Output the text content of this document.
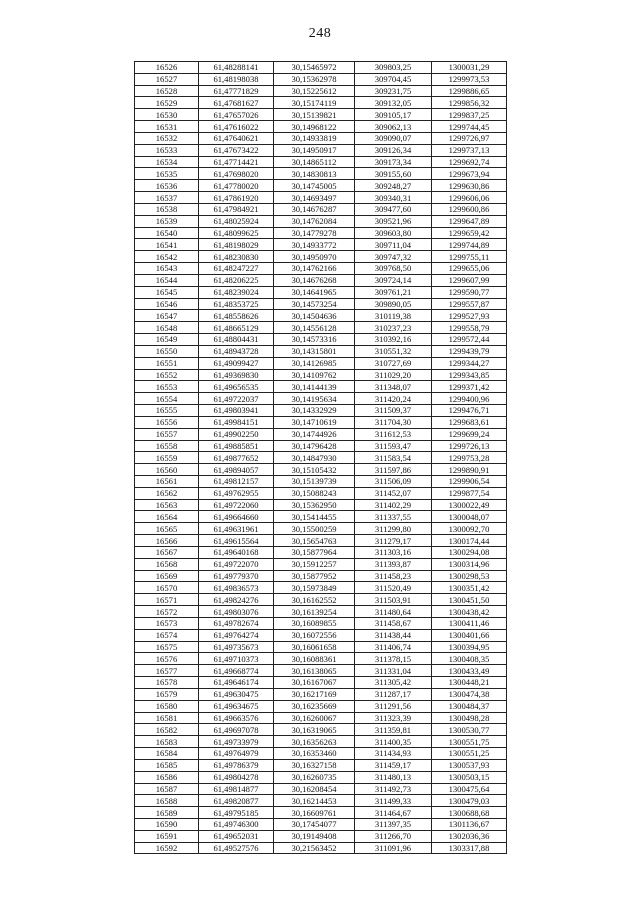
248
16526	61,48288141	30,15465972	309803,25	1300031,29
16527	61,48198038	30,15362978	309704,45	1299973,53
16528	61,47771829	30,15225612	309231,75	1299886,65
16529	61,47681627	30,15174119	309132,05	1299856,32
16530	61,47657026	30,15139821	309105,17	1299837,25
16531	61,47616022	30,14968122	309062,13	1299744,45
16532	61,47640621	30,14933819	309090,07	1299726,97
16533	61,47673422	30,14950917	309126,34	1299737,13
16534	61,47714421	30,14865112	309173,34	1299692,74
16535	61,47698020	30,14830813	309155,60	1299673,94
16536	61,47780020	30,14745005	309248,27	1299630,86
16537	61,47861920	30,14693497	309340,31	1299606,06
16538	61,47984921	30,14676287	309477,60	1299600,86
16539	61,48025924	30,14762084	309521,96	1299647,89
16540	61,48099625	30,14779278	309603,80	1299659,42
16541	61,48198029	30,14933772	309711,04	1299744,89
16542	61,48230830	30,14950970	309747,32	1299755,11
16543	61,48247227	30,14762166	309768,50	1299655,06
16544	61,48206225	30,14676268	309724,14	1299607,99
16545	61,48239024	30,14641965	309761,21	1299590,77
16546	61,48353725	30,14573254	309890,05	1299557,87
16547	61,48558626	30,14504636	310119,38	1299527,93
16548	61,48665129	30,14556128	310237,23	1299558,79
16549	61,48804431	30,14573316	310392,16	1299572,44
16550	61,48943728	30,14315801	310551,32	1299439,79
16551	61,49099427	30,14126985	310727,69	1299344,27
16552	61,49369830	30,14109762	311029,20	1299343,85
16553	61,49656535	30,14144139	311348,07	1299371,42
16554	61,49722037	30,14195634	311420,24	1299400,96
16555	61,49803941	30,14332929	311509,37	1299476,71
16556	61,49984151	30,14710619	311704,30	1299683,61
16557	61,49902250	30,14744926	311612,53	1299699,24
16558	61,49885851	30,14796428	311593,47	1299726,13
16559	61,49877652	30,14847930	311583,54	1299753,28
16560	61,49894057	30,15105432	311597,86	1299890,91
16561	61,49812157	30,15139739	311506,09	1299906,54
16562	61,49762955	30,15088243	311452,07	1299877,54
16563	61,49722060	30,15362950	311402,29	1300022,49
16564	61,49664660	30,15414455	311337,55	1300048,07
16565	61,49631961	30,15500259	311299,80	1300092,70
16566	61,49615564	30,15654763	311279,17	1300174,44
16567	61,49640168	30,15877964	311303,16	1300294,08
16568	61,49722070	30,15912257	311393,87	1300314,96
16569	61,49779370	30,15877952	311458,23	1300298,53
16570	61,49836573	30,15973849	311520,49	1300351,42
16571	61,49824276	30,16162552	311503,91	1300451,50
16572	61,49803076	30,16139254	311480,64	1300438,42
16573	61,49782674	30,16089855	311458,67	1300411,46
16574	61,49764274	30,16072556	311438,44	1300401,66
16575	61,49735673	30,16061658	311406,74	1300394,95
16576	61,49710373	30,16088361	311378,15	1300408,35
16577	61,49668774	30,16138065	311331,04	1300433,49
16578	61,49646174	30,16167067	311305,42	1300448,21
16579	61,49630475	30,16217169	311287,17	1300474,38
16580	61,49634675	30,16235669	311291,56	1300484,37
16581	61,49663576	30,16260067	311323,39	1300498,28
16582	61,49697078	30,16319065	311359,81	1300530,77
16583	61,49733979	30,16356263	311400,35	1300551,75
16584	61,49764979	30,16353460	311434,93	1300551,25
16585	61,49786379	30,16327158	311459,17	1300537,93
16586	61,49804278	30,16260735	311480,13	1300503,15
16587	61,49814877	30,16208454	311492,73	1300475,64
16588	61,49820877	30,16214453	311499,33	1300479,03
16589	61,49795185	30,16609761	311464,67	1300688,68
16590	61,49746300	30,17454077	311397,35	1301136,67
16591	61,49652031	30,19149408	311266,70	1302036,36
16592	61,49527576	30,21563452	311091,96	1303317,88
